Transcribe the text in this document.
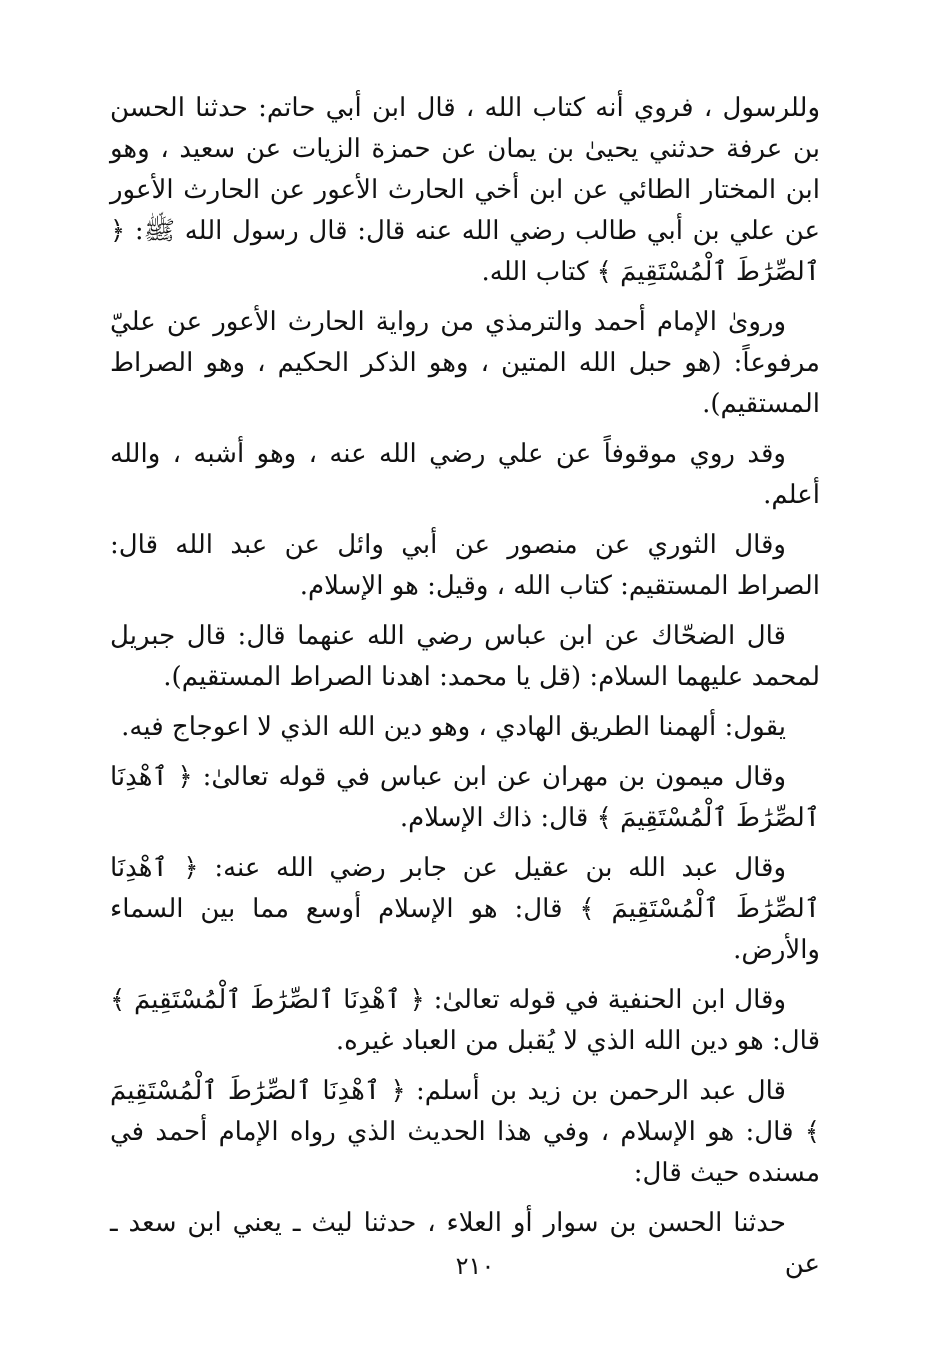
وللرسول ، فروي أنه كتاب الله ، قال ابن أبي حاتم: حدثنا الحسن بن عرفة حدثني يحيىٰ بن يمان عن حمزة الزيات عن سعيد ، وهو ابن المختار الطائي عن ابن أخي الحارث الأعور عن الحارث الأعور عن علي بن أبي طالب رضي الله عنه قال: قال رسول الله ﷺ: ﴿ ٱلصِّرَٰطَ ٱلْمُسْتَقِيمَ ﴾ كتاب الله.

ورویٰ الإمام أحمد والترمذي من رواية الحارث الأعور عن عليّ مرفوعاً: (هو حبل الله المتين ، وهو الذكر الحكيم ، وهو الصراط المستقيم).

وقد روي موقوفاً عن علي رضي الله عنه ، وهو أشبه ، والله أعلم.

وقال الثوري عن منصور عن أبي وائل عن عبد الله قال: الصراط المستقيم: كتاب الله ، وقيل: هو الإسلام.

قال الضحّاك عن ابن عباس رضي الله عنهما قال: قال جبريل لمحمد عليهما السلام: (قل يا محمد: اهدنا الصراط المستقيم).

يقول: ألهمنا الطريق الهادي ، وهو دين الله الذي لا اعوجاج فيه.

وقال ميمون بن مهران عن ابن عباس في قوله تعالىٰ: ﴿ ٱهْدِنَا ٱلصِّرَٰطَ ٱلْمُسْتَقِيمَ ﴾ قال: ذاك الإسلام.

وقال عبد الله بن عقيل عن جابر رضي الله عنه: ﴿ ٱهْدِنَا ٱلصِّرَٰطَ ٱلْمُسْتَقِيمَ ﴾ قال: هو الإسلام أوسع مما بين السماء والأرض.

وقال ابن الحنفية في قوله تعالىٰ: ﴿ ٱهْدِنَا ٱلصِّرَٰطَ ٱلْمُسْتَقِيمَ ﴾ قال: هو دين الله الذي لا يُقبل من العباد غيره.

قال عبد الرحمن بن زيد بن أسلم: ﴿ ٱهْدِنَا ٱلصِّرَٰطَ ٱلْمُسْتَقِيمَ ﴾ قال: هو الإسلام ، وفي هذا الحديث الذي رواه الإمام أحمد في مسنده حيث قال:

حدثنا الحسن بن سوار أو العلاء ، حدثنا ليث ـ يعني ابن سعد ـ عن

٢١٠
